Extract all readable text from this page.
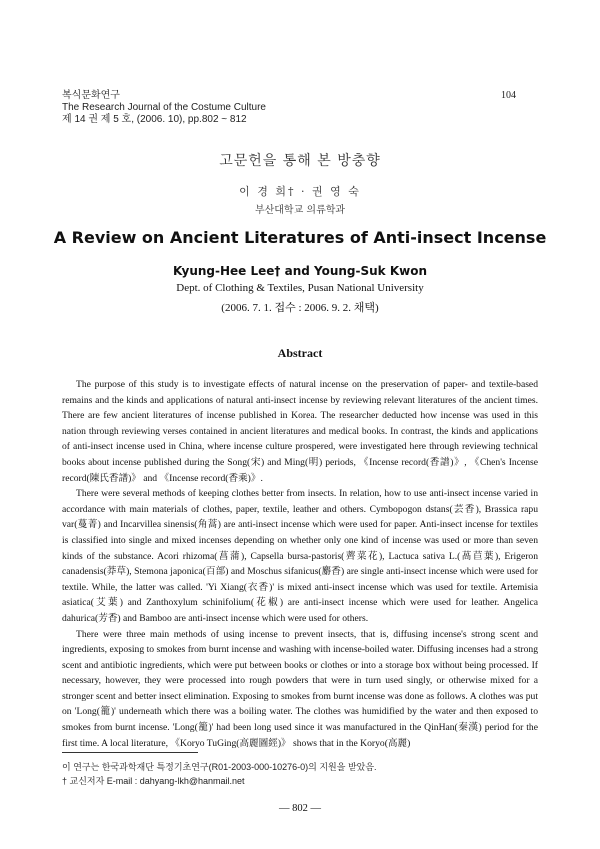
복식문화연구
The Research Journal of the Costume Culture
제 14 권 제 5 호, (2006. 10), pp.802 ~ 812
104
고문헌을 통해 본 방충향
이 경 희† · 권 영 숙
부산대학교 의류학과
A Review on Ancient Literatures of Anti-insect Incense
Kyung-Hee Lee† and Young-Suk Kwon
Dept. of Clothing & Textiles, Pusan National University
(2006. 7. 1. 접수 : 2006. 9. 2. 채택)
Abstract

The purpose of this study is to investigate effects of natural incense on the preservation of paper- and textile-based remains and the kinds and applications of natural anti-insect incense by reviewing relevant literatures of the ancient times. There are few ancient literatures of incense published in Korea. The researcher deducted how incense was used in this nation through reviewing verses contained in ancient literatures and medical books. In contrast, the kinds and applications of anti-insect incense used in China, where incense culture prospered, were investigated here through reviewing technical books about incense published during the Song(宋) and Ming(明) periods, 《Incense record(香譜)》, 《Chen's Incense record(陳氏香譜)》 and 《Incense record(香乘)》.

There were several methods of keeping clothes better from insects. In relation, how to use anti-insect incense varied in accordance with main materials of clothes, paper, textile, leather and others. Cymbopogon dstans(芸香), Brassica rapu var(蔓菁) and Incarvillea sinensis(角蒿) are anti-insect incense which were used for paper. Anti-insect incense for textiles is classified into single and mixed incenses depending on whether only one kind of incense was used or more than seven kinds of the substance. Acori rhizoma(菖蒲), Capsella bursa-pastoris(薺菜花), Lactuca sativa L.(萵苣葉), Erigeron canadensis(莽草), Stemona japonica(百部) and Moschus sifanicus(麝香) are single anti-insect incense which were used for textile. While, the latter was called. 'Yi Xiang(衣香)' is mixed anti-insect incense which was used for textile. Artemisia asiatica(艾葉) and Zanthoxylum schinifolium(花椒) are anti-insect incense which were used for leather. Angelica dahurica(芳香) and Bamboo are anti-insect incense which were used for others.

There were three main methods of using incense to prevent insects, that is, diffusing incense's strong scent and ingredients, exposing to smokes from burnt incense and washing with incense-boiled water. Diffusing incenses had a strong scent and antibiotic ingredients, which were put between books or clothes or into a storage box without being processed. If necessary, however, they were processed into rough powders that were in turn used singly, or otherwise mixed for a stronger scent and better insect elimination. Exposing to smokes from burnt incense was done as follows. A clothes was put on 'Long(籠)' underneath which there was a boiling water. The clothes was humidified by the water and then exposed to smokes from burnt incense. 'Long(籠)' had been long used since it was manufactured in the QinHan(秦漢) period for the first time. A local literature, 《Koryo TuGing(高麗圖經)》 shows that in the Koryo(高麗)

이 연구는 한국과학재단 특정기초연구(R01-2003-000-10276-0)의 지원을 받았음.
† 교신저자 E-mail : dahyang-lkh@hanmail.net
— 802 —
